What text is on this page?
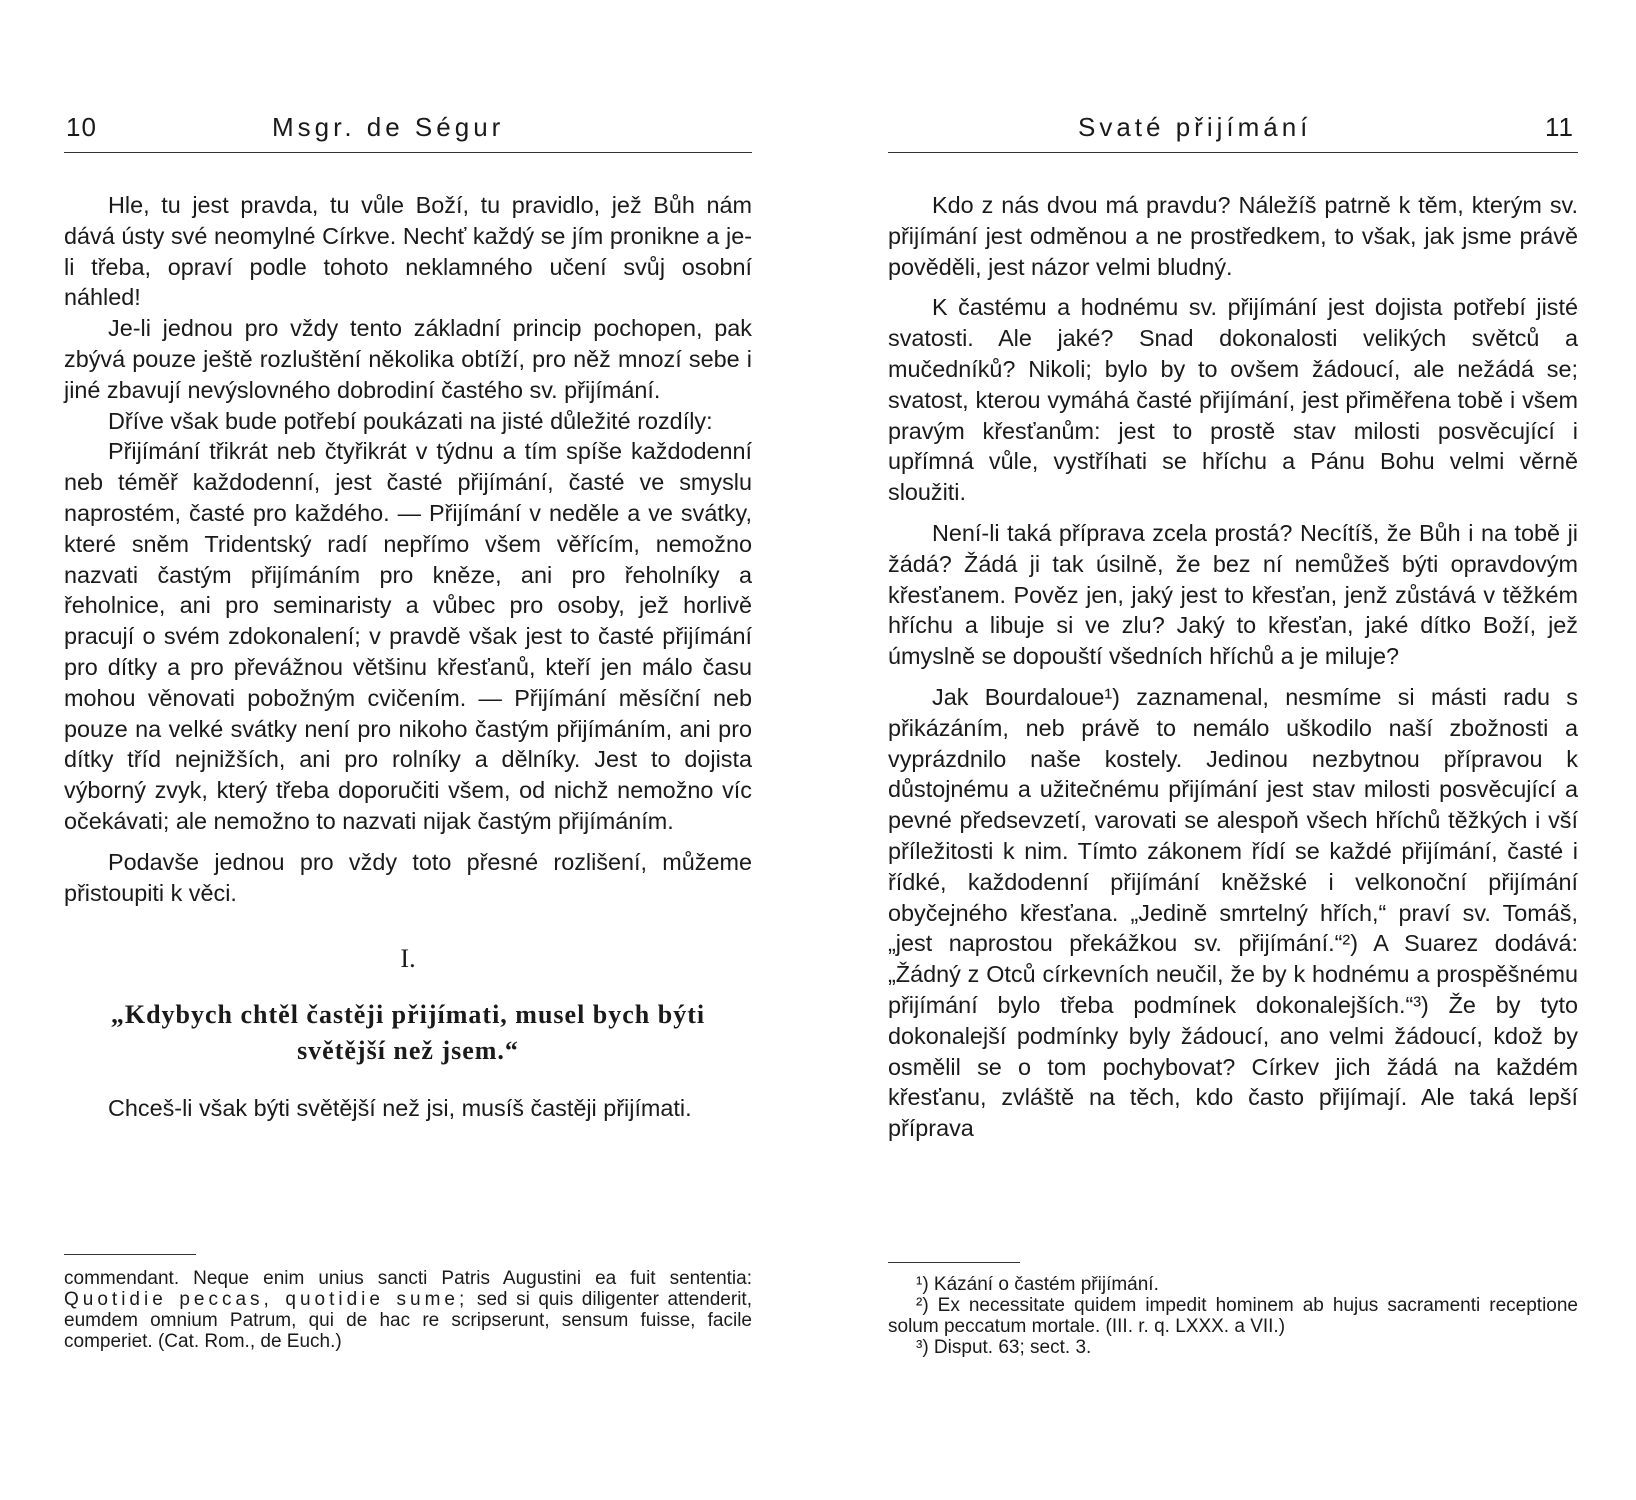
10	Msgr. de Ségur

Hle, tu jest pravda, tu vůle Boží, tu pravidlo, jež Bůh nám dává ústy své neomylné Církve. Nechť každý se jím pronikne a je-li třeba, opraví podle tohoto neklamného učení svůj osobní náhled!

Je-li jednou pro vždy tento základní princip pochopen, pak zbývá pouze ještě rozluštění několika obtíží, pro něž mnozí sebe i jiné zbavují nevýslovného dobrodiní častého sv. přijímání.

Dříve však bude potřebí poukázati na jisté důležité rozdíly:

Přijímání třikrát neb čtyřikrát v týdnu a tím spíše každodenní neb téměř každodenní, jest časté přijímání, časté ve smyslu naprostém, časté pro každého. — Přijímání v neděle a ve svátky, které sněm Tridentský radí nepřímo všem věřícím, nemožno nazvati častým přijímáním pro kněze, ani pro řeholníky a řeholnice, ani pro seminaristy a vůbec pro osoby, jež horlivě pracují o svém zdokonalení; v pravdě však jest to časté přijímání pro dítky a pro převážnou většinu křesťanů, kteří jen málo času mohou věnovati pobožným cvičením. — Přijímání měsíční neb pouze na velké svátky není pro nikoho častým přijímáním, ani pro dítky tříd nejnižších, ani pro rolníky a dělníky. Jest to dojista výborný zvyk, který třeba doporučiti všem, od nichž nemožno víc očekávati; ale nemožno to nazvati nijak častým přijímáním.

Podavše jednou pro vždy toto přesné rozlišení, můžeme přistoupiti k věci.

I.

„Kdybych chtěl častěji přijímati, musel bych býti světější než jsem.“

Chceš-li však býti světější než jsi, musíš častěji přijímati.

commendant. Neque enim unius sancti Patris Augustini ea fuit sententia: Quotidie peccas, quotidie sume; sed si quis diligenter attenderit, eumdem omnium Patrum, qui de hac re scripserunt, sensum fuisse, facile comperiet. (Cat. Rom., de Euch.)

Svaté přijímání	11

Kdo z nás dvou má pravdu? Náležíš patrně k těm, kterým sv. přijímání jest odměnou a ne prostředkem, to však, jak jsme právě pověděli, jest názor velmi bludný.

K častému a hodnému sv. přijímání jest dojista potřebí jisté svatosti. Ale jaké? Snad dokonalosti velikých světců a mučedníků? Nikoli; bylo by to ovšem žádoucí, ale nežádá se; svatost, kterou vymáhá časté přijímání, jest přiměřena tobě i všem pravým křesťanům: jest to prostě stav milosti posvěcující i upřímná vůle, vystříhati se hříchu a Pánu Bohu velmi věrně sloužiti.

Není-li taká příprava zcela prostá? Necítíš, že Bůh i na tobě ji žádá? Žádá ji tak úsilně, že bez ní nemůžeš býti opravdovým křesťanem. Pověz jen, jaký jest to křesťan, jenž zůstává v těžkém hříchu a libuje si ve zlu? Jaký to křesťan, jaké dítko Boží, jež úmyslně se dopouští všedních hříchů a je miluje?

Jak Bourdaloue¹) zaznamenal, nesmíme si másti radu s přikázáním, neb právě to nemálo uškodilo naší zbožnosti a vyprázdnilo naše kostely. Jedinou nezbytnou přípravou k důstojnému a užitečnému přijímání jest stav milosti posvěcující a pevné předsevzetí, varovati se alespoň všech hříchů těžkých i vší příležitosti k nim. Tímto zákonem řídí se každé přijímání, časté i řídké, každodenní přijímání kněžské i velkonoční přijímání obyčejného křesťana. „Jedině smrtelný hřích,“ praví sv. Tomáš, „jest naprostou překážkou sv. přijímání.“²) A Suarez dodává: „Žádný z Otců církevních neučil, že by k hodnému a prospěšnému přijímání bylo třeba podmínek dokonalejších.“³) Že by tyto dokonalejší podmínky byly žádoucí, ano velmi žádoucí, kdož by osmělil se o tom pochybovat? Církev jich žádá na každém křesťanu, zvláště na těch, kdo často přijímají. Ale taká lepší příprava

¹) Kázání o častém přijímání.

²) Ex necessitate quidem impedit hominem ab hujus sacramenti receptione solum peccatum mortale. (III. r. q. LXXX. a VII.)

³) Disput. 63; sect. 3.
